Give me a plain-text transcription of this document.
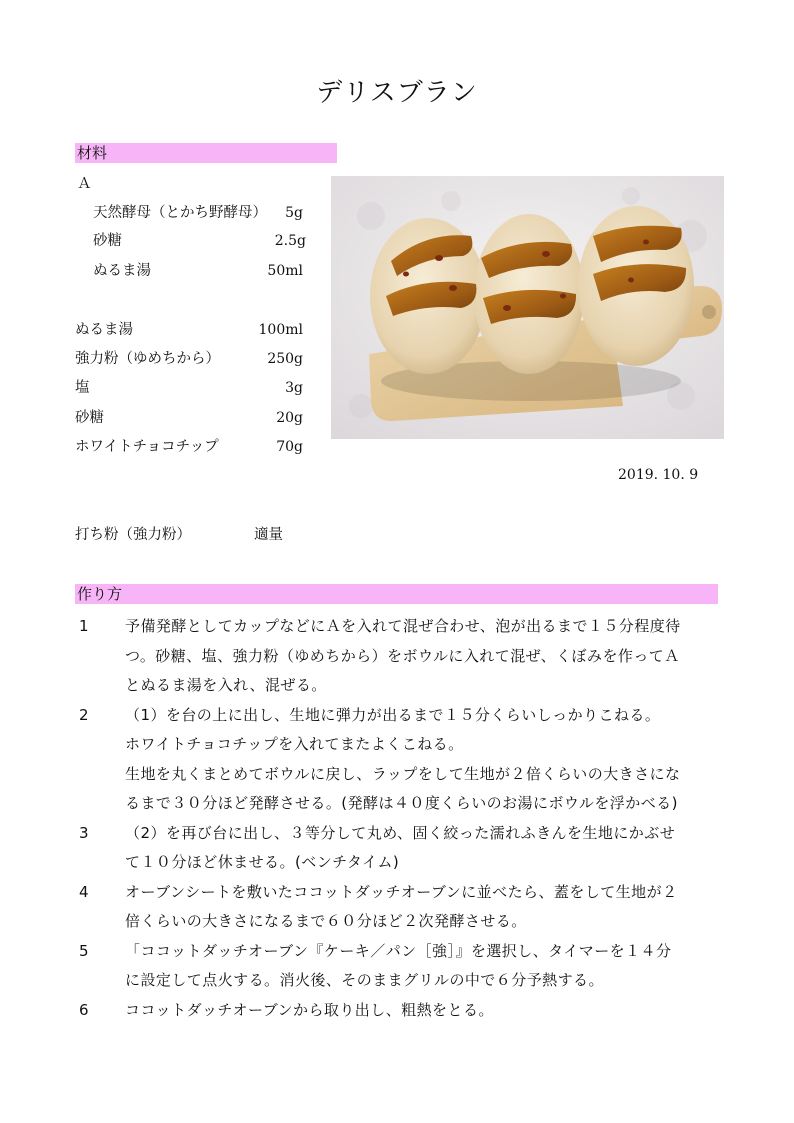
デリスブラン
材料
Ａ
天然酵母（とかち野酵母）	5g
砂糖	2.5g
ぬるま湯	50ml
ぬるま湯	100ml
強力粉（ゆめちから）	250g
塩	3g
砂糖	20g
ホワイトチョコチップ	70g
打ち粉（強力粉）	適量
2019. 10. 9
作り方
1	予備発酵としてカップなどにＡを入れて混ぜ合わせ、泡が出るまで１５分程度待
つ。砂糖、塩、強力粉（ゆめちから）をボウルに入れて混ぜ、くぼみを作ってＡ
とぬるま湯を入れ、混ぜる。
2	（1）を台の上に出し、生地に弾力が出るまで１５分くらいしっかりこねる。
ホワイトチョコチップを入れてまたよくこねる。
生地を丸くまとめてボウルに戻し、ラップをして生地が２倍くらいの大きさにな
るまで３０分ほど発酵させる。(発酵は４０度くらいのお湯にボウルを浮かべる)
3	（2）を再び台に出し、３等分して丸め、固く絞った濡れふきんを生地にかぶせ
て１０分ほど休ませる。(ベンチタイム)
4	オーブンシートを敷いたココットダッチオーブンに並べたら、蓋をして生地が２
倍くらいの大きさになるまで６０分ほど２次発酵させる。
5	「ココットダッチオーブン『ケーキ／パン［強］』を選択し、タイマーを１４分
に設定して点火する。消火後、そのままグリルの中で６分予熱する。
6	ココットダッチオーブンから取り出し、粗熱をとる。
